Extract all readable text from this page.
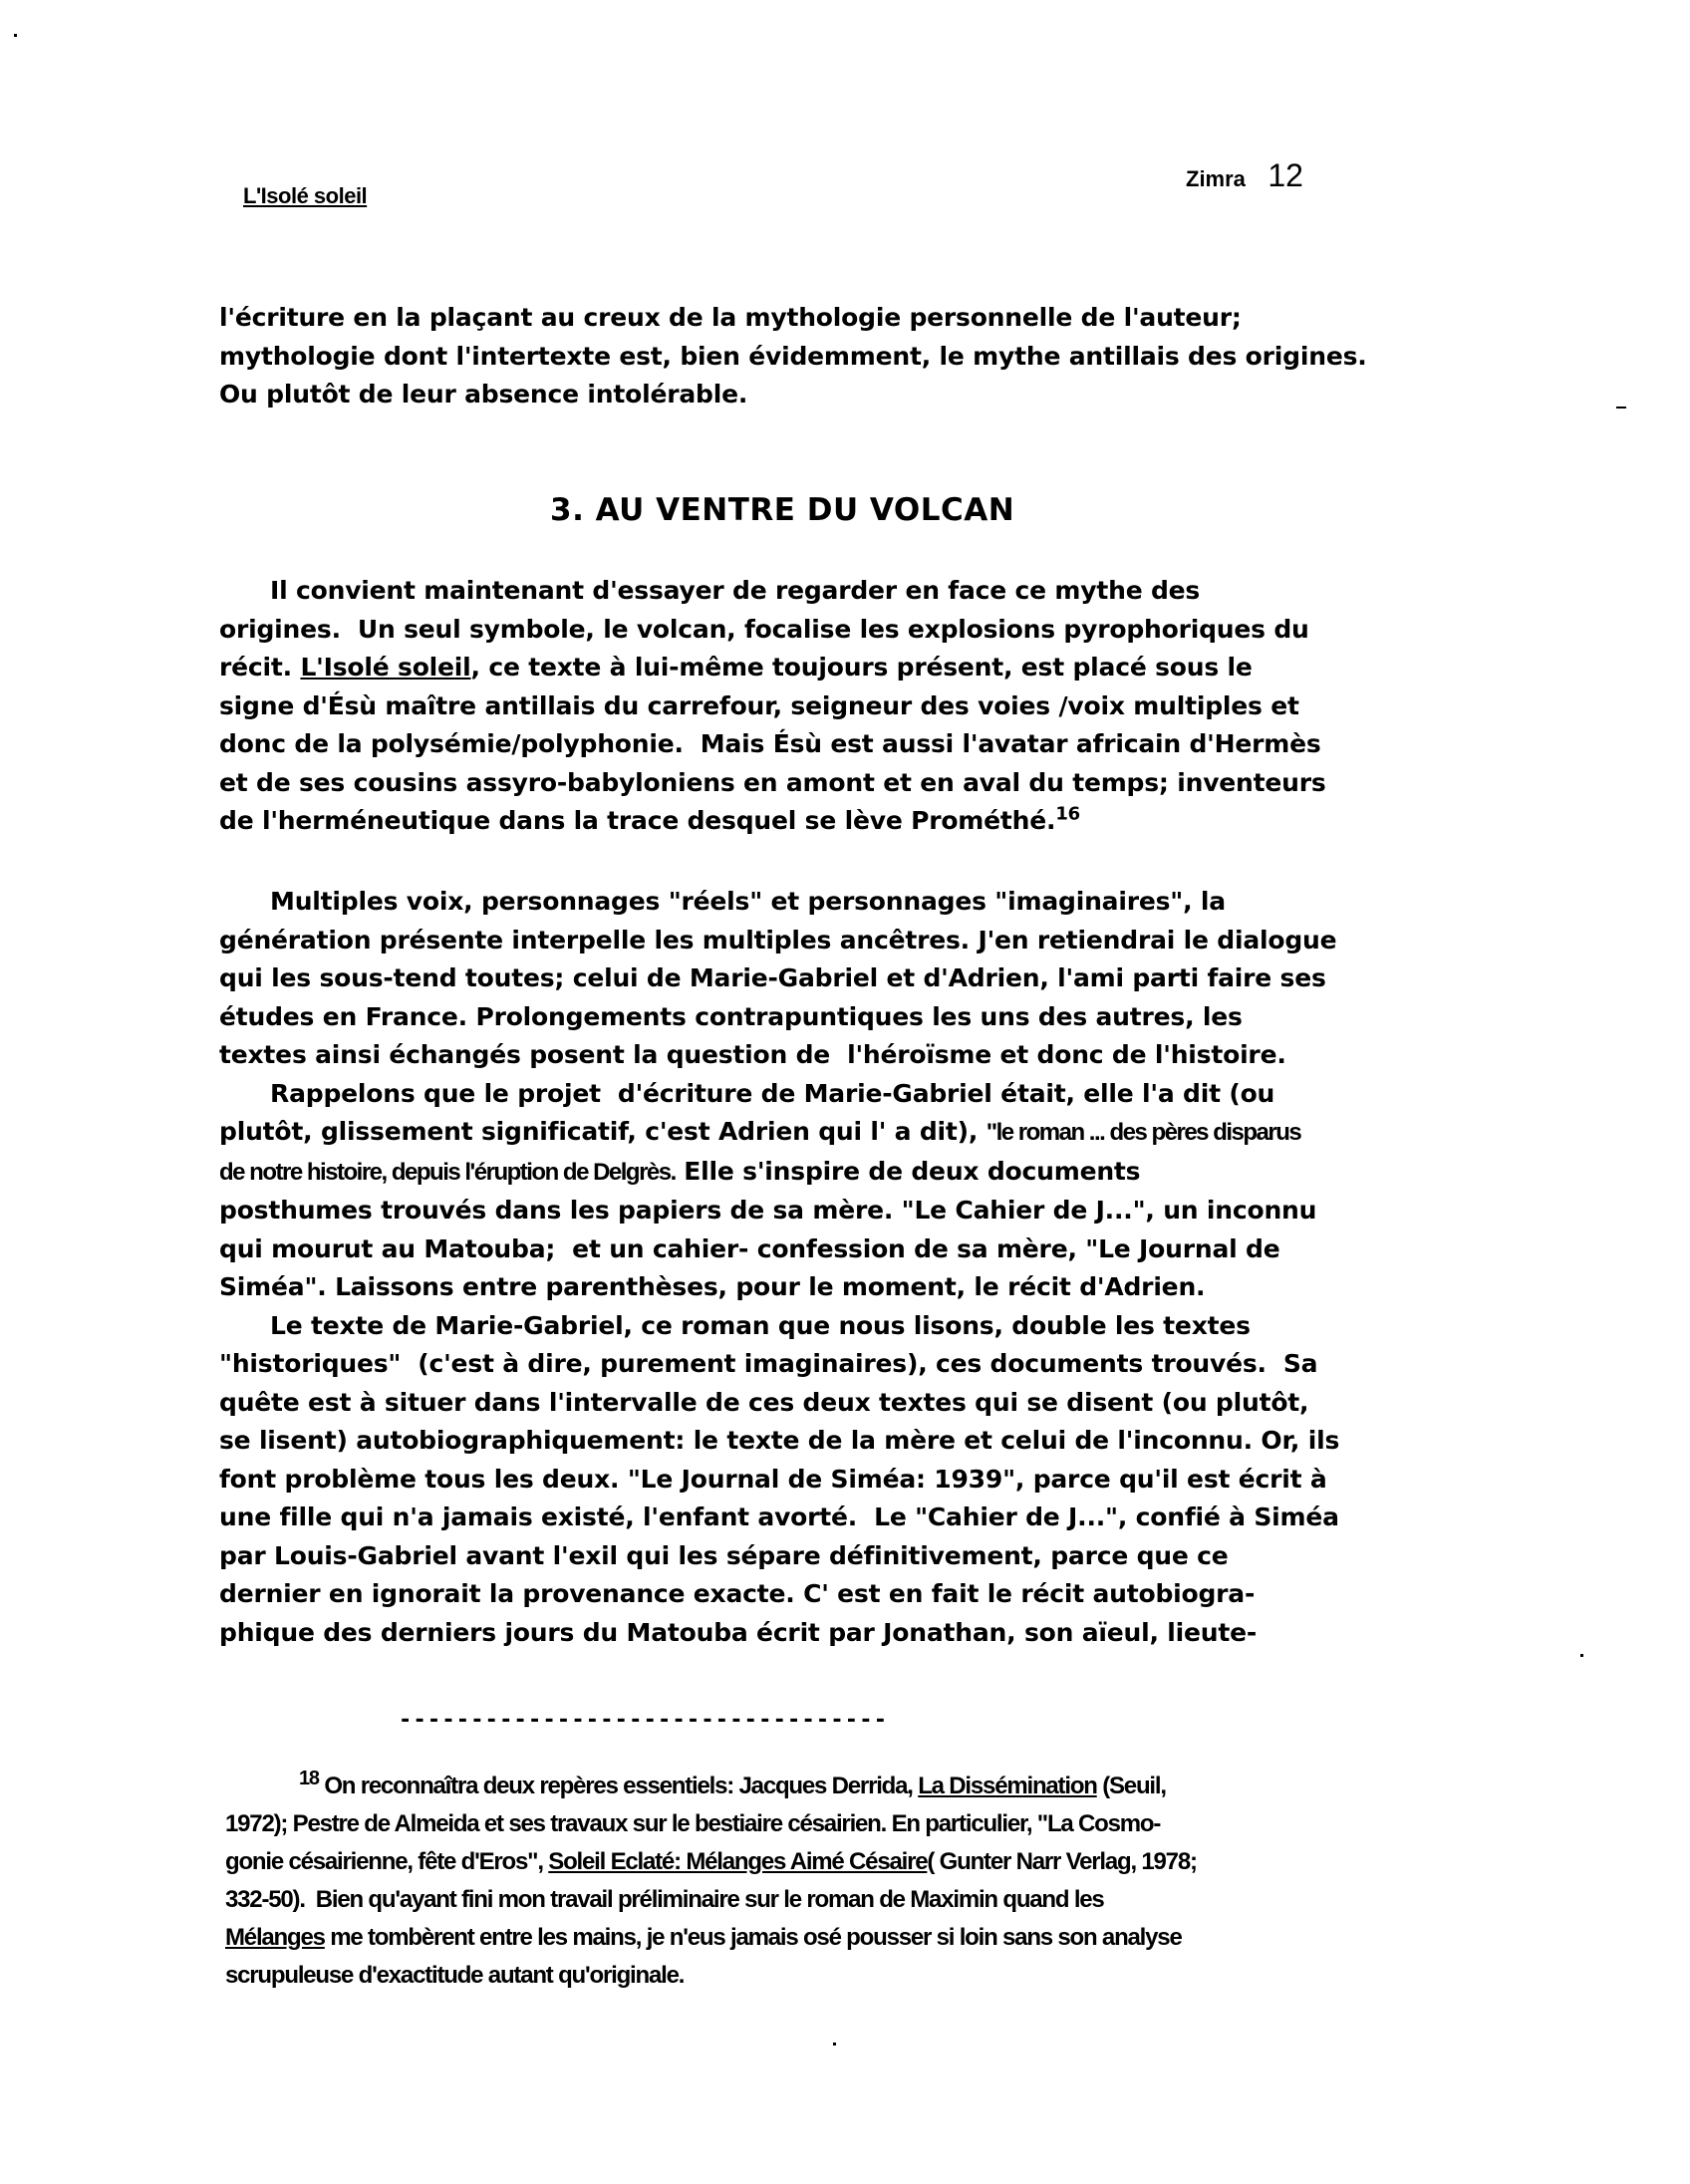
L'Isolé soleil
Zimra 12
l'écriture en la plaçant au creux de la mythologie personnelle de l'auteur;
mythologie dont l'intertexte est, bien évidemment, le mythe antillais des origines.
Ou plutôt de leur absence intolérable.
3. AU VENTRE DU VOLCAN
Il convient maintenant d'essayer de regarder en face ce mythe des
origines.  Un seul symbole, le volcan, focalise les explosions pyrophoriques du
récit. L'Isolé soleil, ce texte à lui-même toujours présent, est placé sous le
signe d'Ésù maître antillais du carrefour, seigneur des voies /voix multiples et
donc de la polysémie/polyphonie.  Mais Ésù est aussi l'avatar africain d'Hermès
et de ses cousins assyro-babyloniens en amont et en aval du temps; inventeurs
de l'herméneutique dans la trace desquel se lève Prométhé.$^{16}$
Multiples voix, personnages "réels" et personnages "imaginaires", la
génération présente interpelle les multiples ancêtres. J'en retiendrai le dialogue
qui les sous-tend toutes; celui de Marie-Gabriel et d'Adrien, l'ami parti faire ses
études en France. Prolongements contrapuntiques les uns des autres, les
textes ainsi échangés posent la question de  l'héroïsme et donc de l'histoire.
Rappelons que le projet  d'écriture de Marie-Gabriel était, elle l'a dit (ou
plutôt, glissement significatif, c'est Adrien qui l' a dit), "le roman ... des pères disparus
de notre histoire, depuis l'éruption de Delgrès. Elle s'inspire de deux documents
posthumes trouvés dans les papiers de sa mère. "Le Cahier de J...", un inconnu
qui mourut au Matouba;  et un cahier- confession de sa mère, "Le Journal de
Siméa". Laissons entre parenthèses, pour le moment, le récit d'Adrien.
Le texte de Marie-Gabriel, ce roman que nous lisons, double les textes
"historiques"  (c'est à dire, purement imaginaires), ces documents trouvés.  Sa
quête est à situer dans l'intervalle de ces deux textes qui se disent (ou plutôt,
se lisent) autobiographiquement: le texte de la mère et celui de l'inconnu. Or, ils
font problème tous les deux. "Le Journal de Siméa: 1939", parce qu'il est écrit à
une fille qui n'a jamais existé, l'enfant avorté.  Le "Cahier de J...", confié à Siméa
par Louis-Gabriel avant l'exil qui les sépare définitivement, parce que ce
dernier en ignorait la provenance exacte. C' est en fait le récit autobiogra-
phique des derniers jours du Matouba écrit par Jonathan, son aïeul, lieute-
----------------------------------
$^{18}$ On reconnaîtra deux repères essentiels: Jacques Derrida, La Dissémination (Seuil,
1972); Pestre de Almeida et ses travaux sur le bestiaire césairien. En particulier, "La Cosmo-
gonie césairienne, fête d'Eros", Soleil Eclaté: Mélanges Aimé Césaire( Gunter Narr Verlag, 1978;
332-50).  Bien qu'ayant fini mon travail préliminaire sur le roman de Maximin quand les
Mélanges me tombèrent entre les mains, je n'eus jamais osé pousser si loin sans son analyse
scrupuleuse d'exactitude autant qu'originale.
